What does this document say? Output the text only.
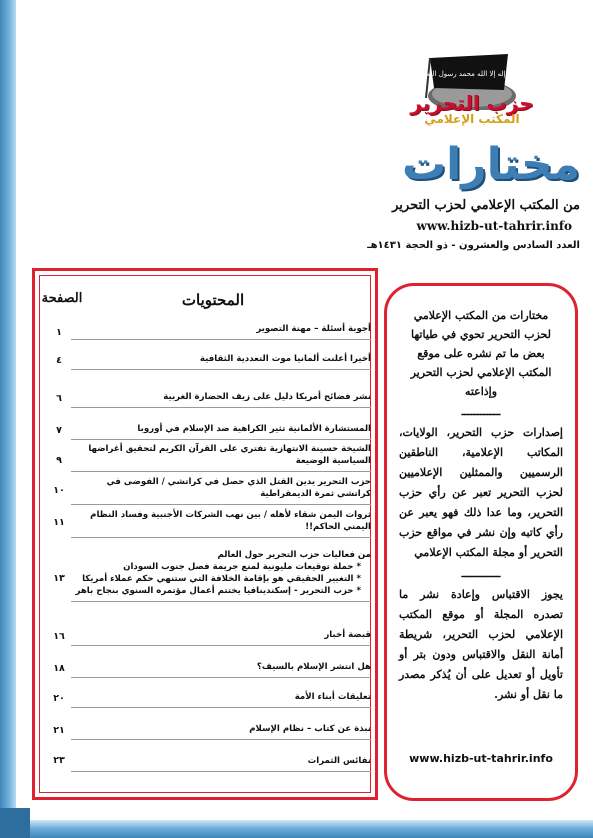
لا إله إلا الله محمد رسول الله
حزب التحرير
المكتب الإعلامي
مختارات
من المكتب الإعلامي لحزب التحرير
www.hizb-ut-tahrir.info
العدد السادس والعشرون - ذو الحجة ١٤٣١هـ

مختارات من المكتب الإعلامي لحزب التحرير تحوي في طياتها بعض ما تم نشره على موقع المكتب الإعلامي لحزب التحرير وإذاعته

ــــــــــــ

إصدارات حزب التحرير، الولايات، المكاتب الإعلامية، الناطقين الرسميين والممثلين الإعلاميين لحزب التحرير تعبر عن رأي حزب التحرير، وما عدا ذلك فهو يعبر عن رأي كاتبه وإن نشر في مواقع حزب التحرير أو مجلة المكتب الإعلامي

ــــــــــــ

يجوز الاقتباس وإعادة نشر ما تصدره المجلة أو موقع المكتب الإعلامي لحزب التحرير، شريطة أمانة النقل والاقتباس ودون بتر أو تأويل أو تعديل على أن يُذكر مصدر ما نقل أو نشر.

www.hizb-ut-tahrir.info
المحتويات
الصفحة
أجوبة أسئلة – مهنة التصوير
١
أخيرا أعلنت ألمانيا موت التعددية الثقافية
٤
نشر فضائح أمريكا دليل على زيف الحضارة الغربية
٦
المستشارة الألمانية تثير الكراهية ضد الإسلام في أوروبا
٧
الشيخة حسينة الانتهازية تفتري على القرآن الكريم لتحقيق أغراضها السياسية الوضيعة
٩
حزب التحرير يدين القتل الذي حصل في كراتشي / الفوضى في كراتشي ثمرة الديمقراطية
١٠
ثروات اليمن شقاء لأهله / بين نهب الشركات الأجنبية وفساد النظام اليمني الحاكم!!
١١
من فعاليات حزب التحرير حول العالم
* حملة توقيعات مليونية لمنع جريمة فصل جنوب السودان
* التغيير الحقيقي هو بإقامة الخلافة التي ستنهي حكم عملاء أمريكا
* حزب التحرير - إسكندينافيا يختتم أعمال مؤتمره السنوي بنجاح باهر
١٣
قبضة أخبار
١٦
هل انتشر الإسلام بالسيف؟
١٨
تعليقات أبناء الأمة
٢٠
نبذة عن كتاب – نظام الإسلام
٢١
نفائس الثمرات
٢٣
